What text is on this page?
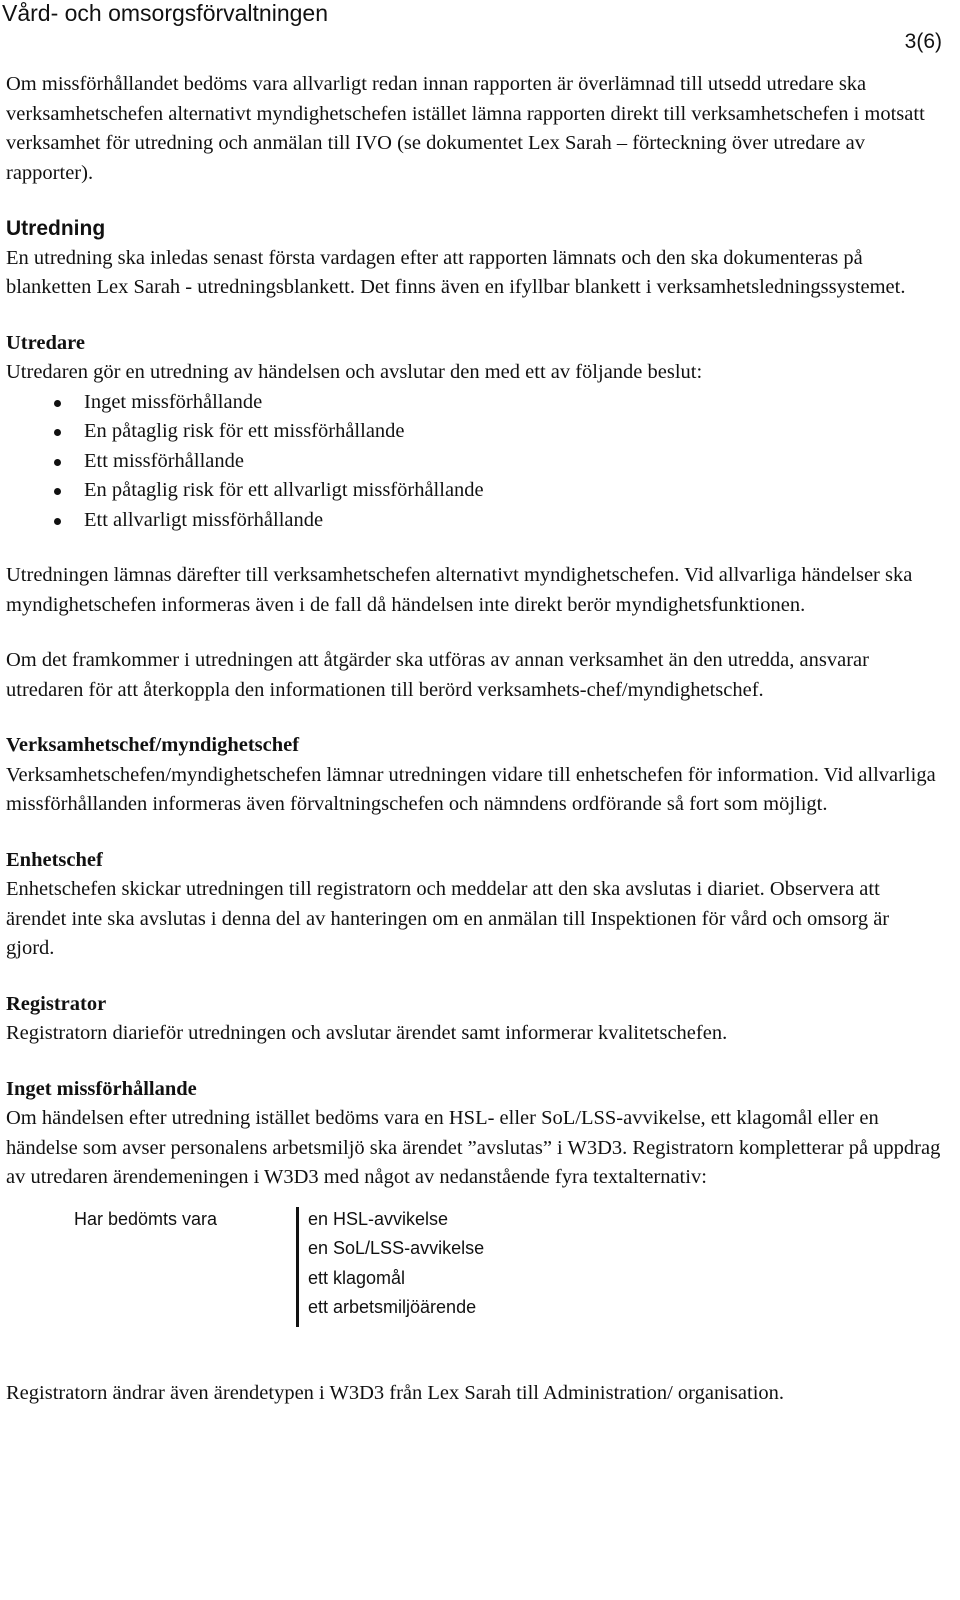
Vård- och omsorgsförvaltningen
3(6)

Om missförhållandet bedöms vara allvarligt redan innan rapporten är överlämnad till utsedd utredare ska verksamhetschefen alternativt myndighetschefen istället lämna rapporten direkt till verksamhetschefen i motsatt verksamhet för utredning och anmälan till IVO (se dokumentet Lex Sarah – förteckning över utredare av rapporter).

Utredning
En utredning ska inledas senast första vardagen efter att rapporten lämnats och den ska dokumenteras på blanketten Lex Sarah - utredningsblankett. Det finns även en ifyllbar blankett i verksamhetsledningssystemet.

Utredare
Utredaren gör en utredning av händelsen och avslutar den med ett av följande beslut:
Inget missförhållande
En påtaglig risk för ett missförhållande
Ett missförhållande
En påtaglig risk för ett allvarligt missförhållande
Ett allvarligt missförhållande

Utredningen lämnas därefter till verksamhetschefen alternativt myndighetschefen. Vid allvarliga händelser ska myndighetschefen informeras även i de fall då händelsen inte direkt berör myndighetsfunktionen.

Om det framkommer i utredningen att åtgärder ska utföras av annan verksamhet än den utredda, ansvarar utredaren för att återkoppla den informationen till berörd verksamhets-chef/myndighetschef.

Verksamhetschef/myndighetschef
Verksamhetschefen/myndighetschefen lämnar utredningen vidare till enhetschefen för information. Vid allvarliga missförhållanden informeras även förvaltningschefen och nämndens ordförande så fort som möjligt.

Enhetschef
Enhetschefen skickar utredningen till registratorn och meddelar att den ska avslutas i diariet. Observera att ärendet inte ska avslutas i denna del av hanteringen om en anmälan till Inspektionen för vård och omsorg är gjord.

Registrator
Registratorn diarieför utredningen och avslutar ärendet samt informerar kvalitetschefen.

Inget missförhållande
Om händelsen efter utredning istället bedöms vara en HSL- eller SoL/LSS-avvikelse, ett klagomål eller en händelse som avser personalens arbetsmiljö ska ärendet ”avslutas” i W3D3. Registratorn kompletterar på uppdrag av utredaren ärendemeningen i W3D3 med något av nedanstående fyra textalternativ:

Har bedömts vara	en HSL-avvikelse
en SoL/LSS-avvikelse
ett klagomål
ett arbetsmiljöärende

Registratorn ändrar även ärendetypen i W3D3 från Lex Sarah till Administration/ organisation.
